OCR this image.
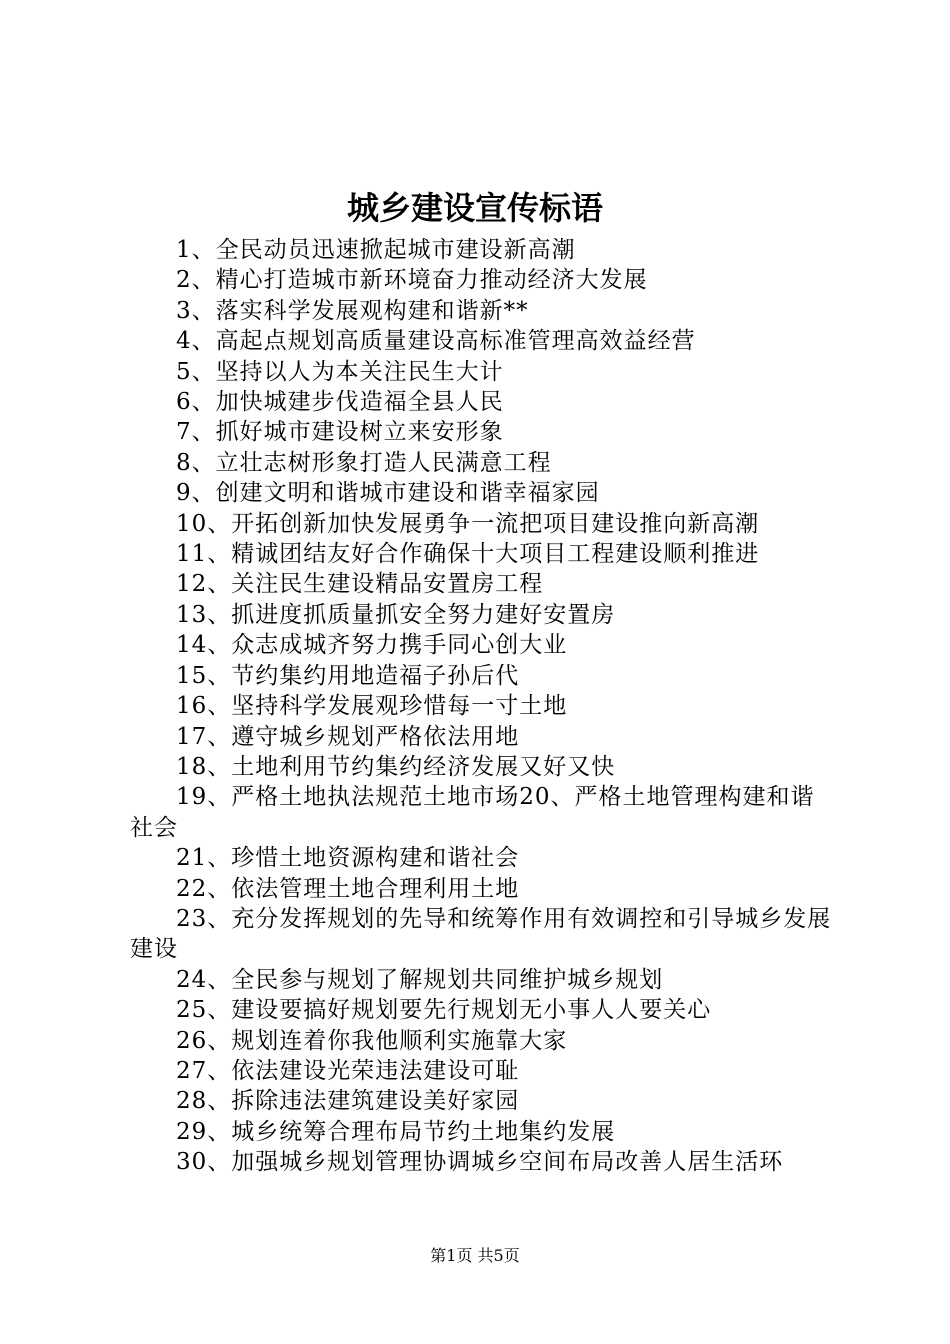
城乡建设宣传标语
1、全民动员迅速掀起城市建设新高潮
2、精心打造城市新环境奋力推动经济大发展
3、落实科学发展观构建和谐新**
4、高起点规划高质量建设高标准管理高效益经营
5、坚持以人为本关注民生大计
6、加快城建步伐造福全县人民
7、抓好城市建设树立来安形象
8、立壮志树形象打造人民满意工程
9、创建文明和谐城市建设和谐幸福家园
10、开拓创新加快发展勇争一流把项目建设推向新高潮
11、精诚团结友好合作确保十大项目工程建设顺利推进
12、关注民生建设精品安置房工程
13、抓进度抓质量抓安全努力建好安置房
14、众志成城齐努力携手同心创大业
15、节约集约用地造福子孙后代
16、坚持科学发展观珍惜每一寸土地
17、遵守城乡规划严格依法用地
18、土地利用节约集约经济发展又好又快
19、严格土地执法规范土地市场20、严格土地管理构建和谐社会
21、珍惜土地资源构建和谐社会
22、依法管理土地合理利用土地
23、充分发挥规划的先导和统筹作用有效调控和引导城乡发展建设
24、全民参与规划了解规划共同维护城乡规划
25、建设要搞好规划要先行规划无小事人人要关心
26、规划连着你我他顺利实施靠大家
27、依法建设光荣违法建设可耻
28、拆除违法建筑建设美好家园
29、城乡统筹合理布局节约土地集约发展
30、加强城乡规划管理协调城乡空间布局改善人居生活环
第1页 共5页
